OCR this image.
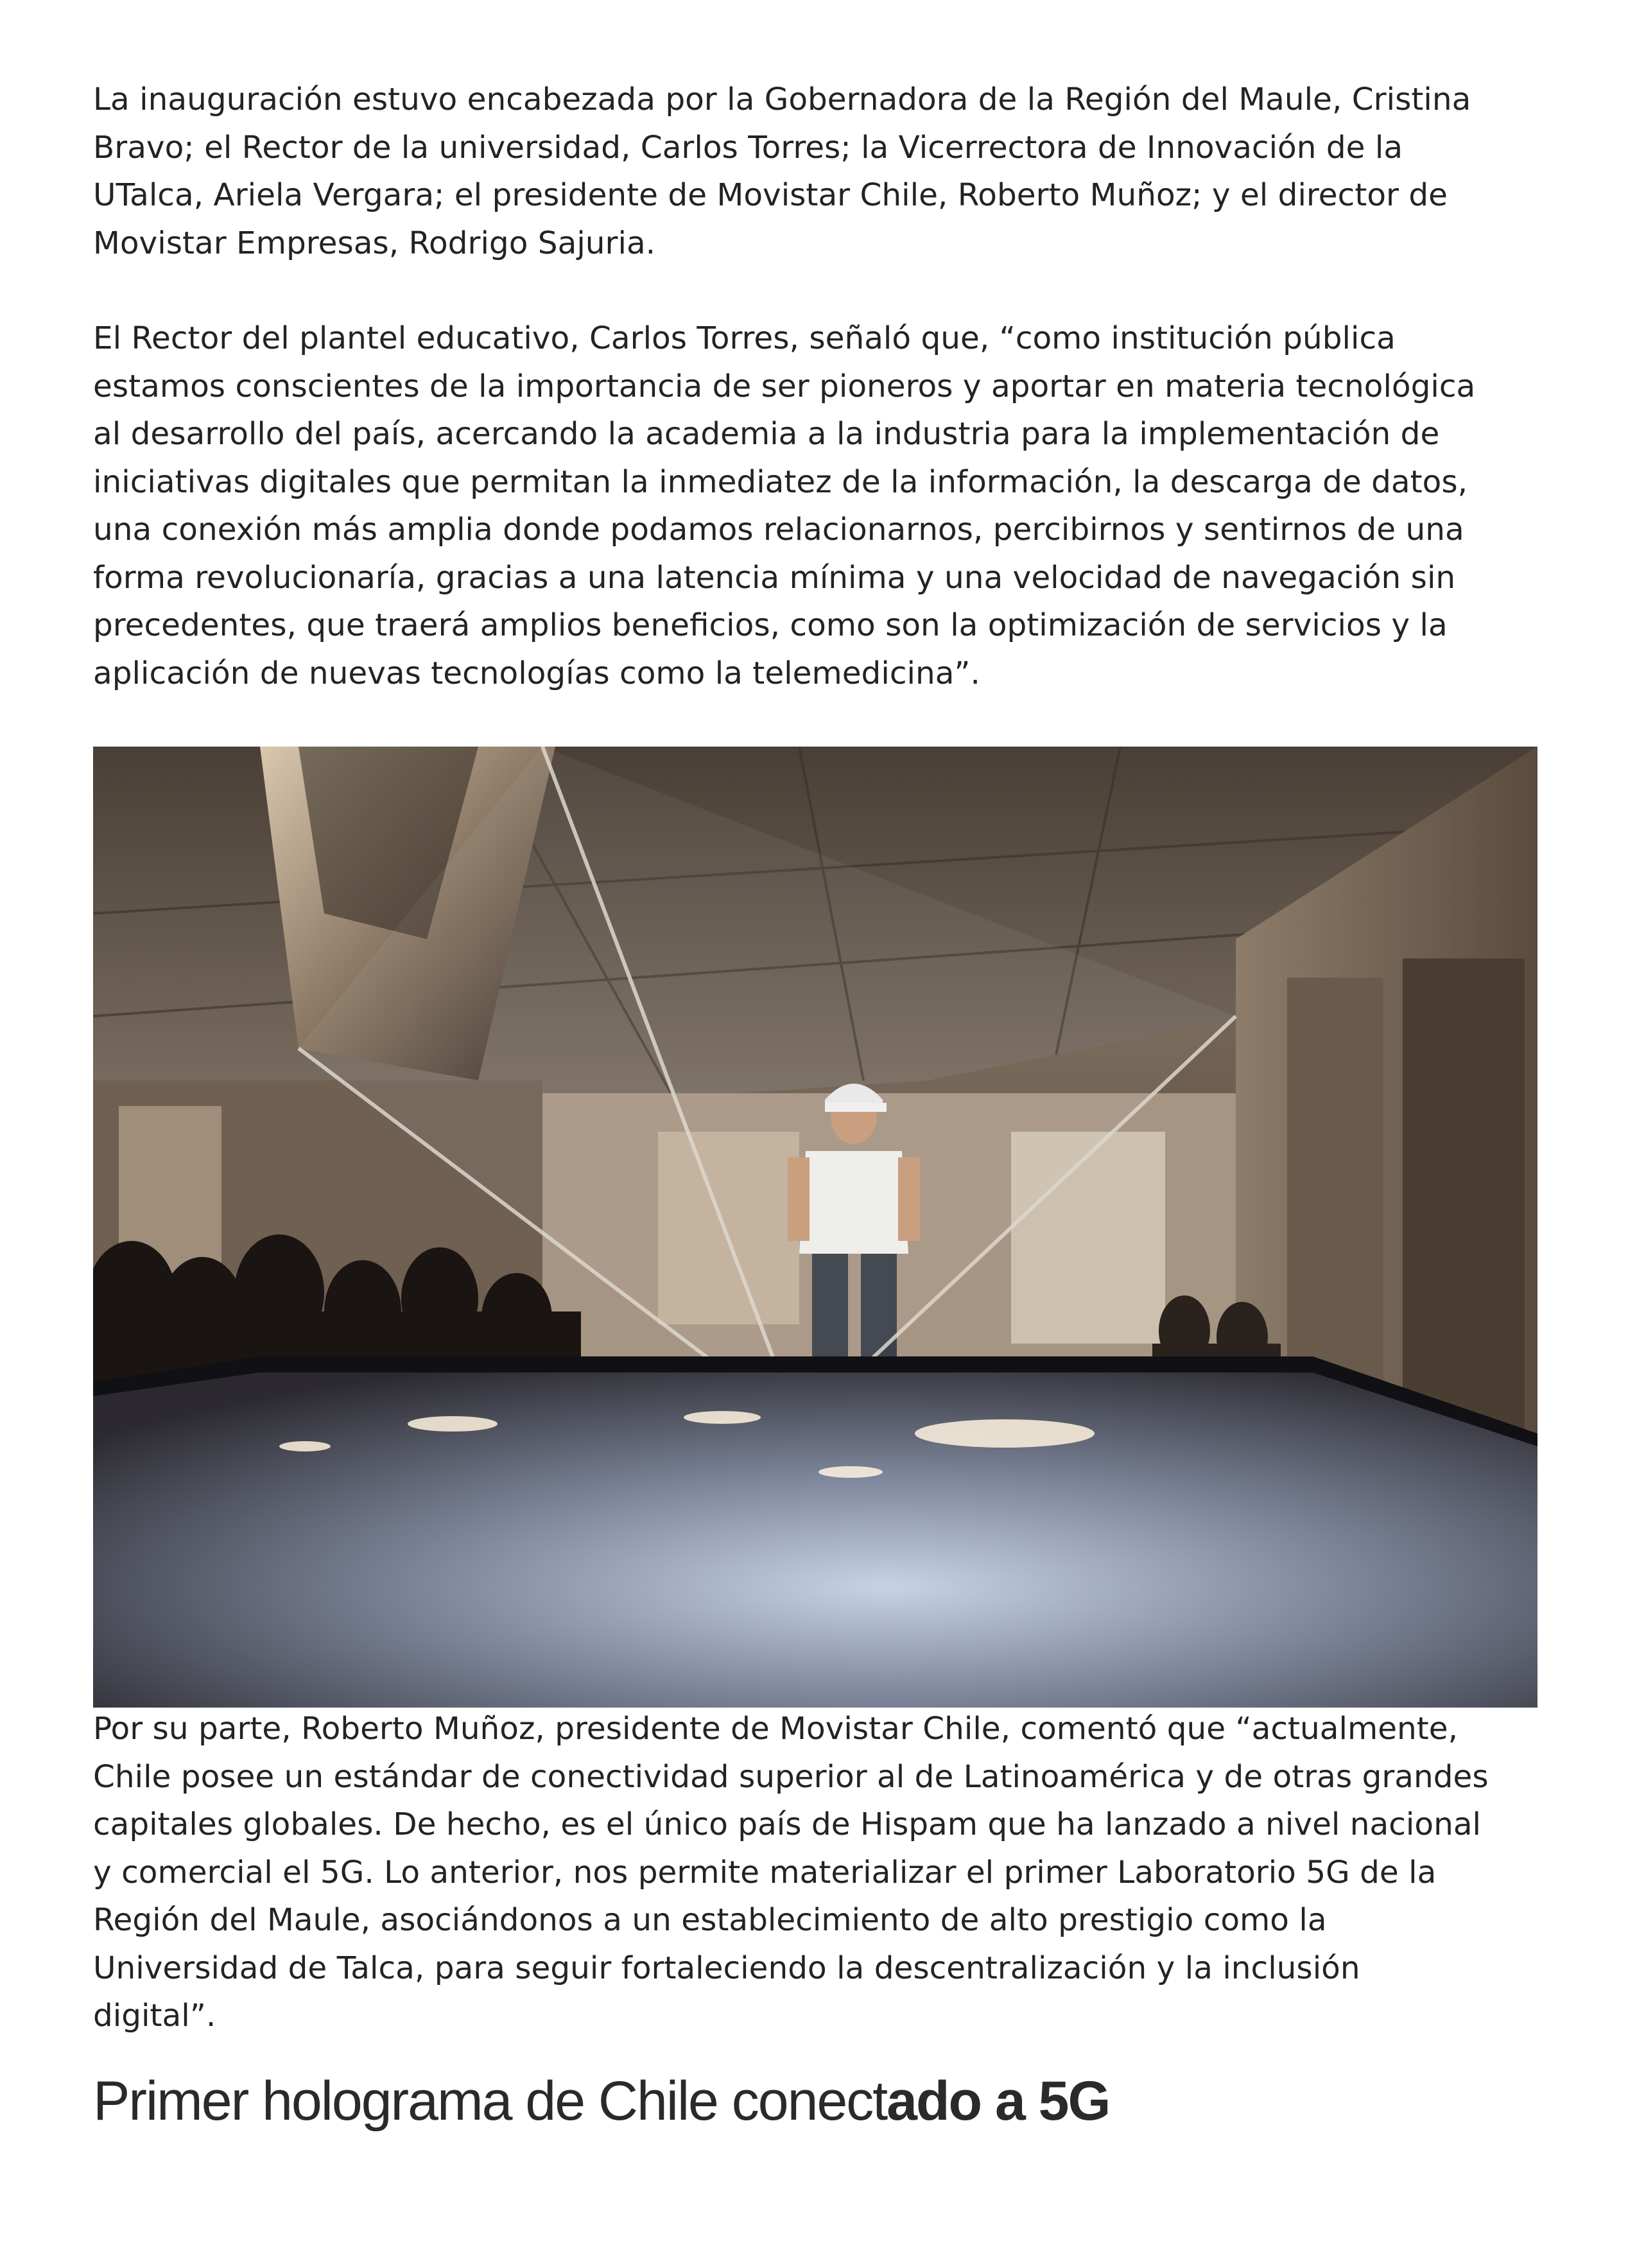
La inauguración estuvo encabezada por la Gobernadora de la Región del Maule, Cristina
Bravo; el Rector de la universidad, Carlos Torres; la Vicerrectora de Innovación de la
UTalca, Ariela Vergara; el presidente de Movistar Chile, Roberto Muñoz; y el director de
Movistar Empresas, Rodrigo Sajuria.

El Rector del plantel educativo, Carlos Torres, señaló que, “como institución pública
estamos conscientes de la importancia de ser pioneros y aportar en materia tecnológica
al desarrollo del país, acercando la academia a la industria para la implementación de
iniciativas digitales que permitan la inmediatez de la información, la descarga de datos,
una conexión más amplia donde podamos relacionarnos, percibirnos y sentirnos de una
forma revolucionaría, gracias a una latencia mínima y una velocidad de navegación sin
precedentes, que traerá amplios beneficios, como son la optimización de servicios y la
aplicación de nuevas tecnologías como la telemedicina”.

Por su parte, Roberto Muñoz, presidente de Movistar Chile, comentó que “actualmente,
Chile posee un estándar de conectividad superior al de Latinoamérica y de otras grandes
capitales globales. De hecho, es el único país de Hispam que ha lanzado a nivel nacional
y comercial el 5G. Lo anterior, nos permite materializar el primer Laboratorio 5G de la
Región del Maule, asociándonos a un establecimiento de alto prestigio como la
Universidad de Talca, para seguir fortaleciendo la descentralización y la inclusión
digital”.

Primer holograma de Chile conectado a 5G
